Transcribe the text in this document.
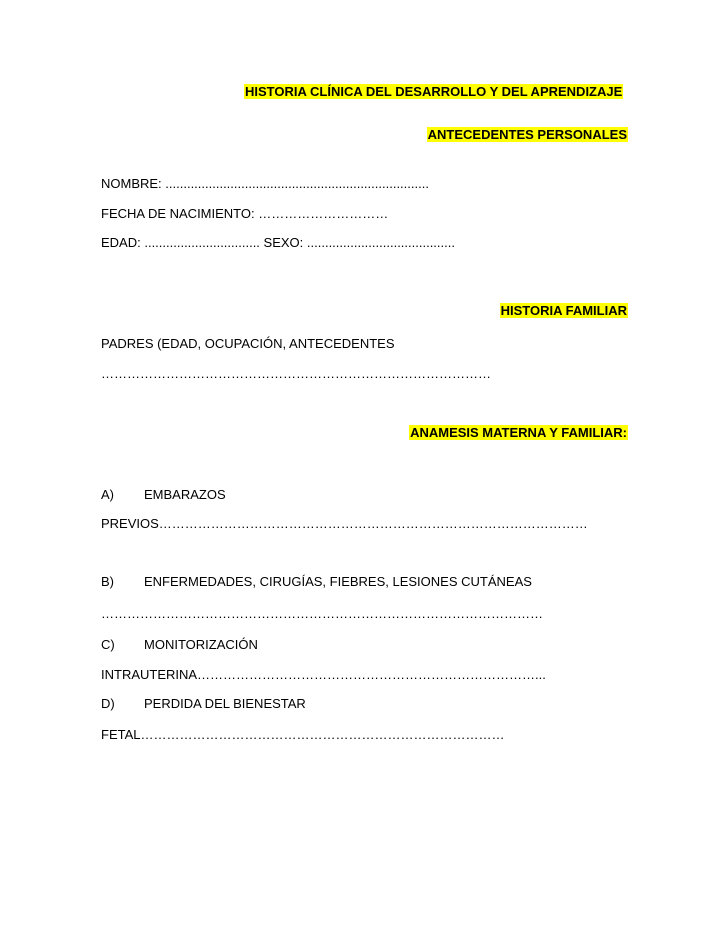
HISTORIA CLÍNICA DEL DESARROLLO Y DEL APRENDIZAJE
ANTECEDENTES PERSONALES
NOMBRE: .........................................................................
FECHA DE NACIMIENTO: …………………………
EDAD: ................................ SEXO: .........................................
HISTORIA FAMILIAR
PADRES (EDAD, OCUPACIÓN, ANTECEDENTES
………………………………………………………………………………
ANAMESIS MATERNA Y FAMILIAR:
A) EMBARAZOS
PREVIOS………………………………………………………………………………………
B) ENFERMEDADES, CIRUGÍAS, FIEBRES, LESIONES CUTÁNEAS
…………………………………………………………………………………………
C) MONITORIZACIÓN
INTRAUTERINA……………………………………………………………………...
D) PERDIDA DEL BIENESTAR
FETAL…………………………………………………………………………
